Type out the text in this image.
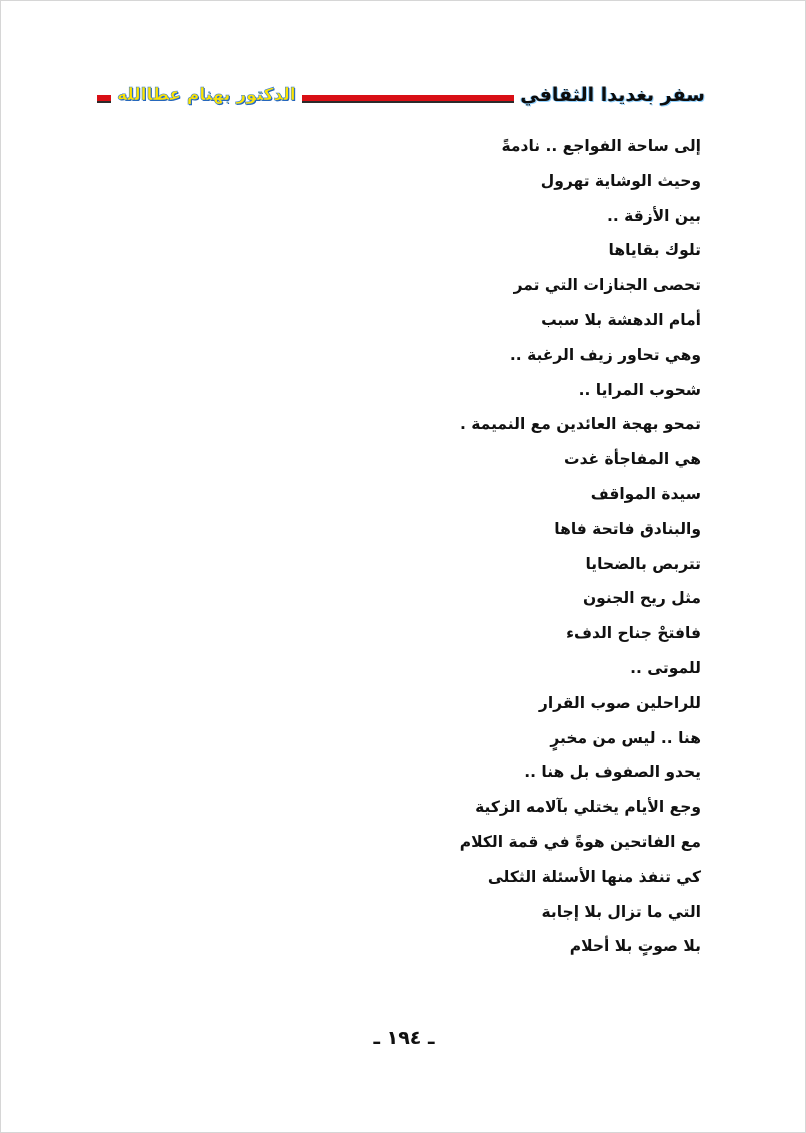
سفر بغديدا الثقافي
الدكتور بهنام عطاالله
إلى ساحة الفواجع .. نادمةً
وحيث الوشاية تهرول
بين الأزقة ..
تلوك بقاياها
تحصى الجنازات التي تمر
أمام الدهشة بلا سبب
وهي تحاور زيف الرغبة ..
شحوب المرايا ..
تمحو بهجة العائدين مع النميمة .
هي المفاجأة غدت
سيدة المواقف
والبنادق فاتحة فاها
تتربص بالضحايا
مثل ريح الجنون
فافتحْ جناح الدفء
للموتى ..
للراحلين صوب القرار
هنا .. ليس من مخبرٍ
يحدو الصفوف بل هنا ..
وجع الأيام يختلي بآلامه الزكية
مع الفاتحين هوةً في قمة الكلام
كي تنفذ منها الأسئلة الثكلى
التي ما تزال بلا إجابة
بلا صوتٍ بلا أحلام
ـ ١٩٤ ـ
